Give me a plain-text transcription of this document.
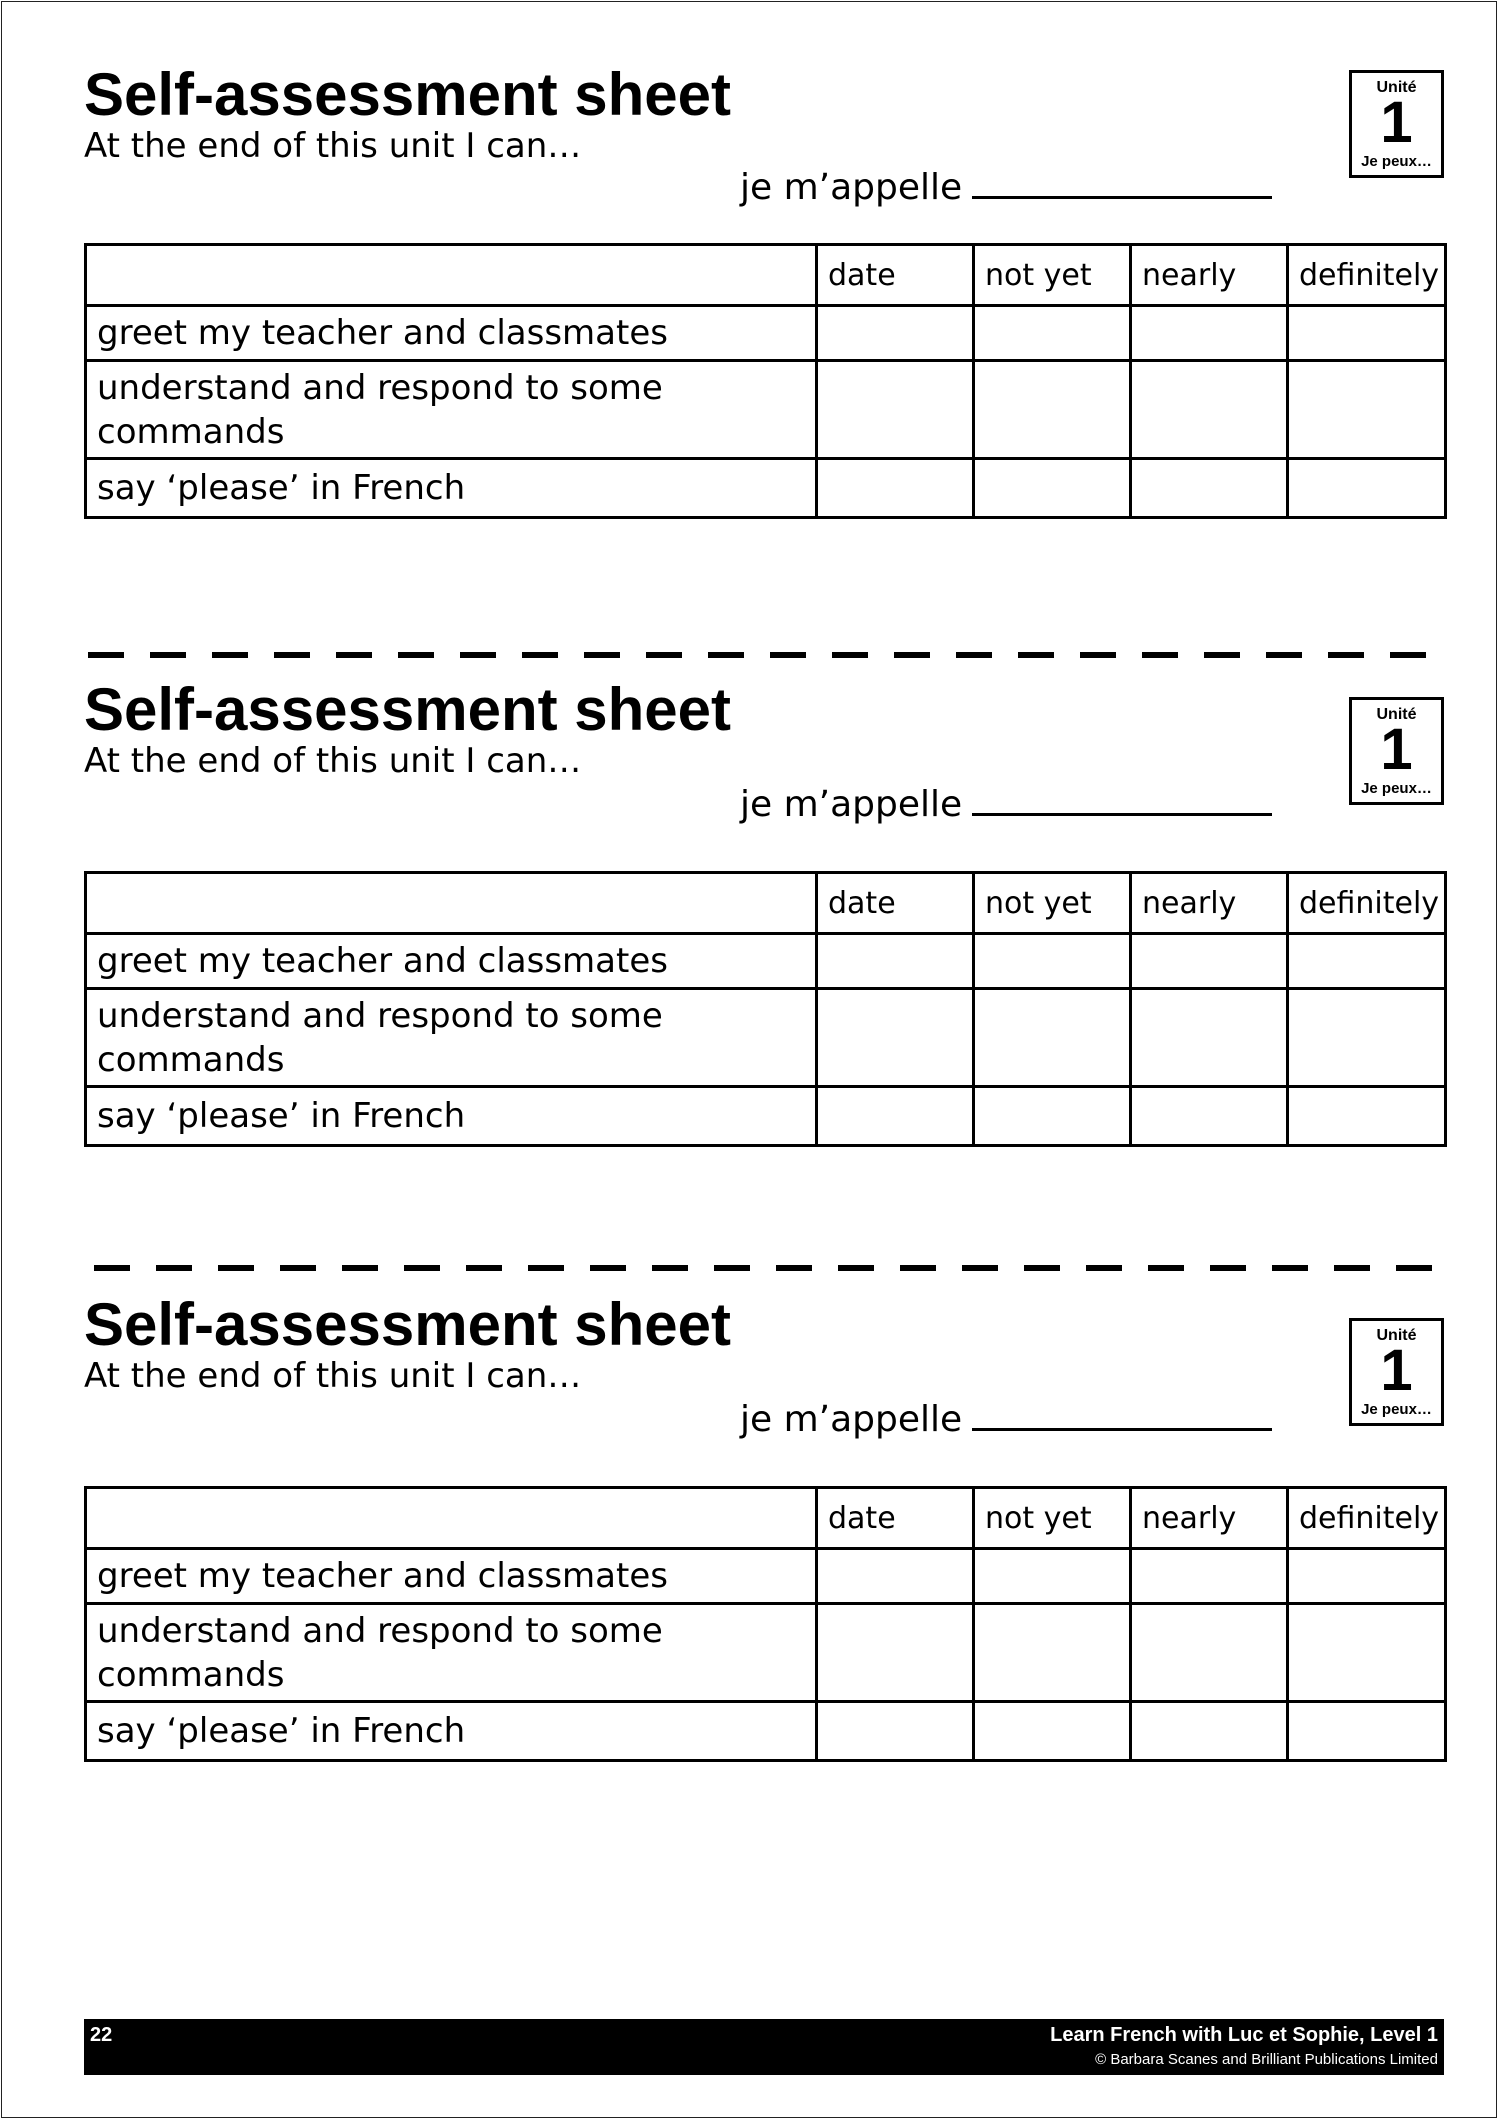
Self-assessment sheet
At the end of this unit I can…
je m’appelle
Unité
1
Je peux…
	date	not yet	nearly	definitely
greet my teacher and classmates				
understand and respond to some commands				
say ‘please’ in French				
Self-assessment sheet
At the end of this unit I can…
je m’appelle
Unité
1
Je peux…
	date	not yet	nearly	definitely
greet my teacher and classmates				
understand and respond to some commands				
say ‘please’ in French				
Self-assessment sheet
At the end of this unit I can…
je m’appelle
Unité
1
Je peux…
	date	not yet	nearly	definitely
greet my teacher and classmates				
understand and respond to some commands				
say ‘please’ in French				
22	Learn French with Luc et Sophie, Level 1
© Barbara Scanes and Brilliant Publications Limited
